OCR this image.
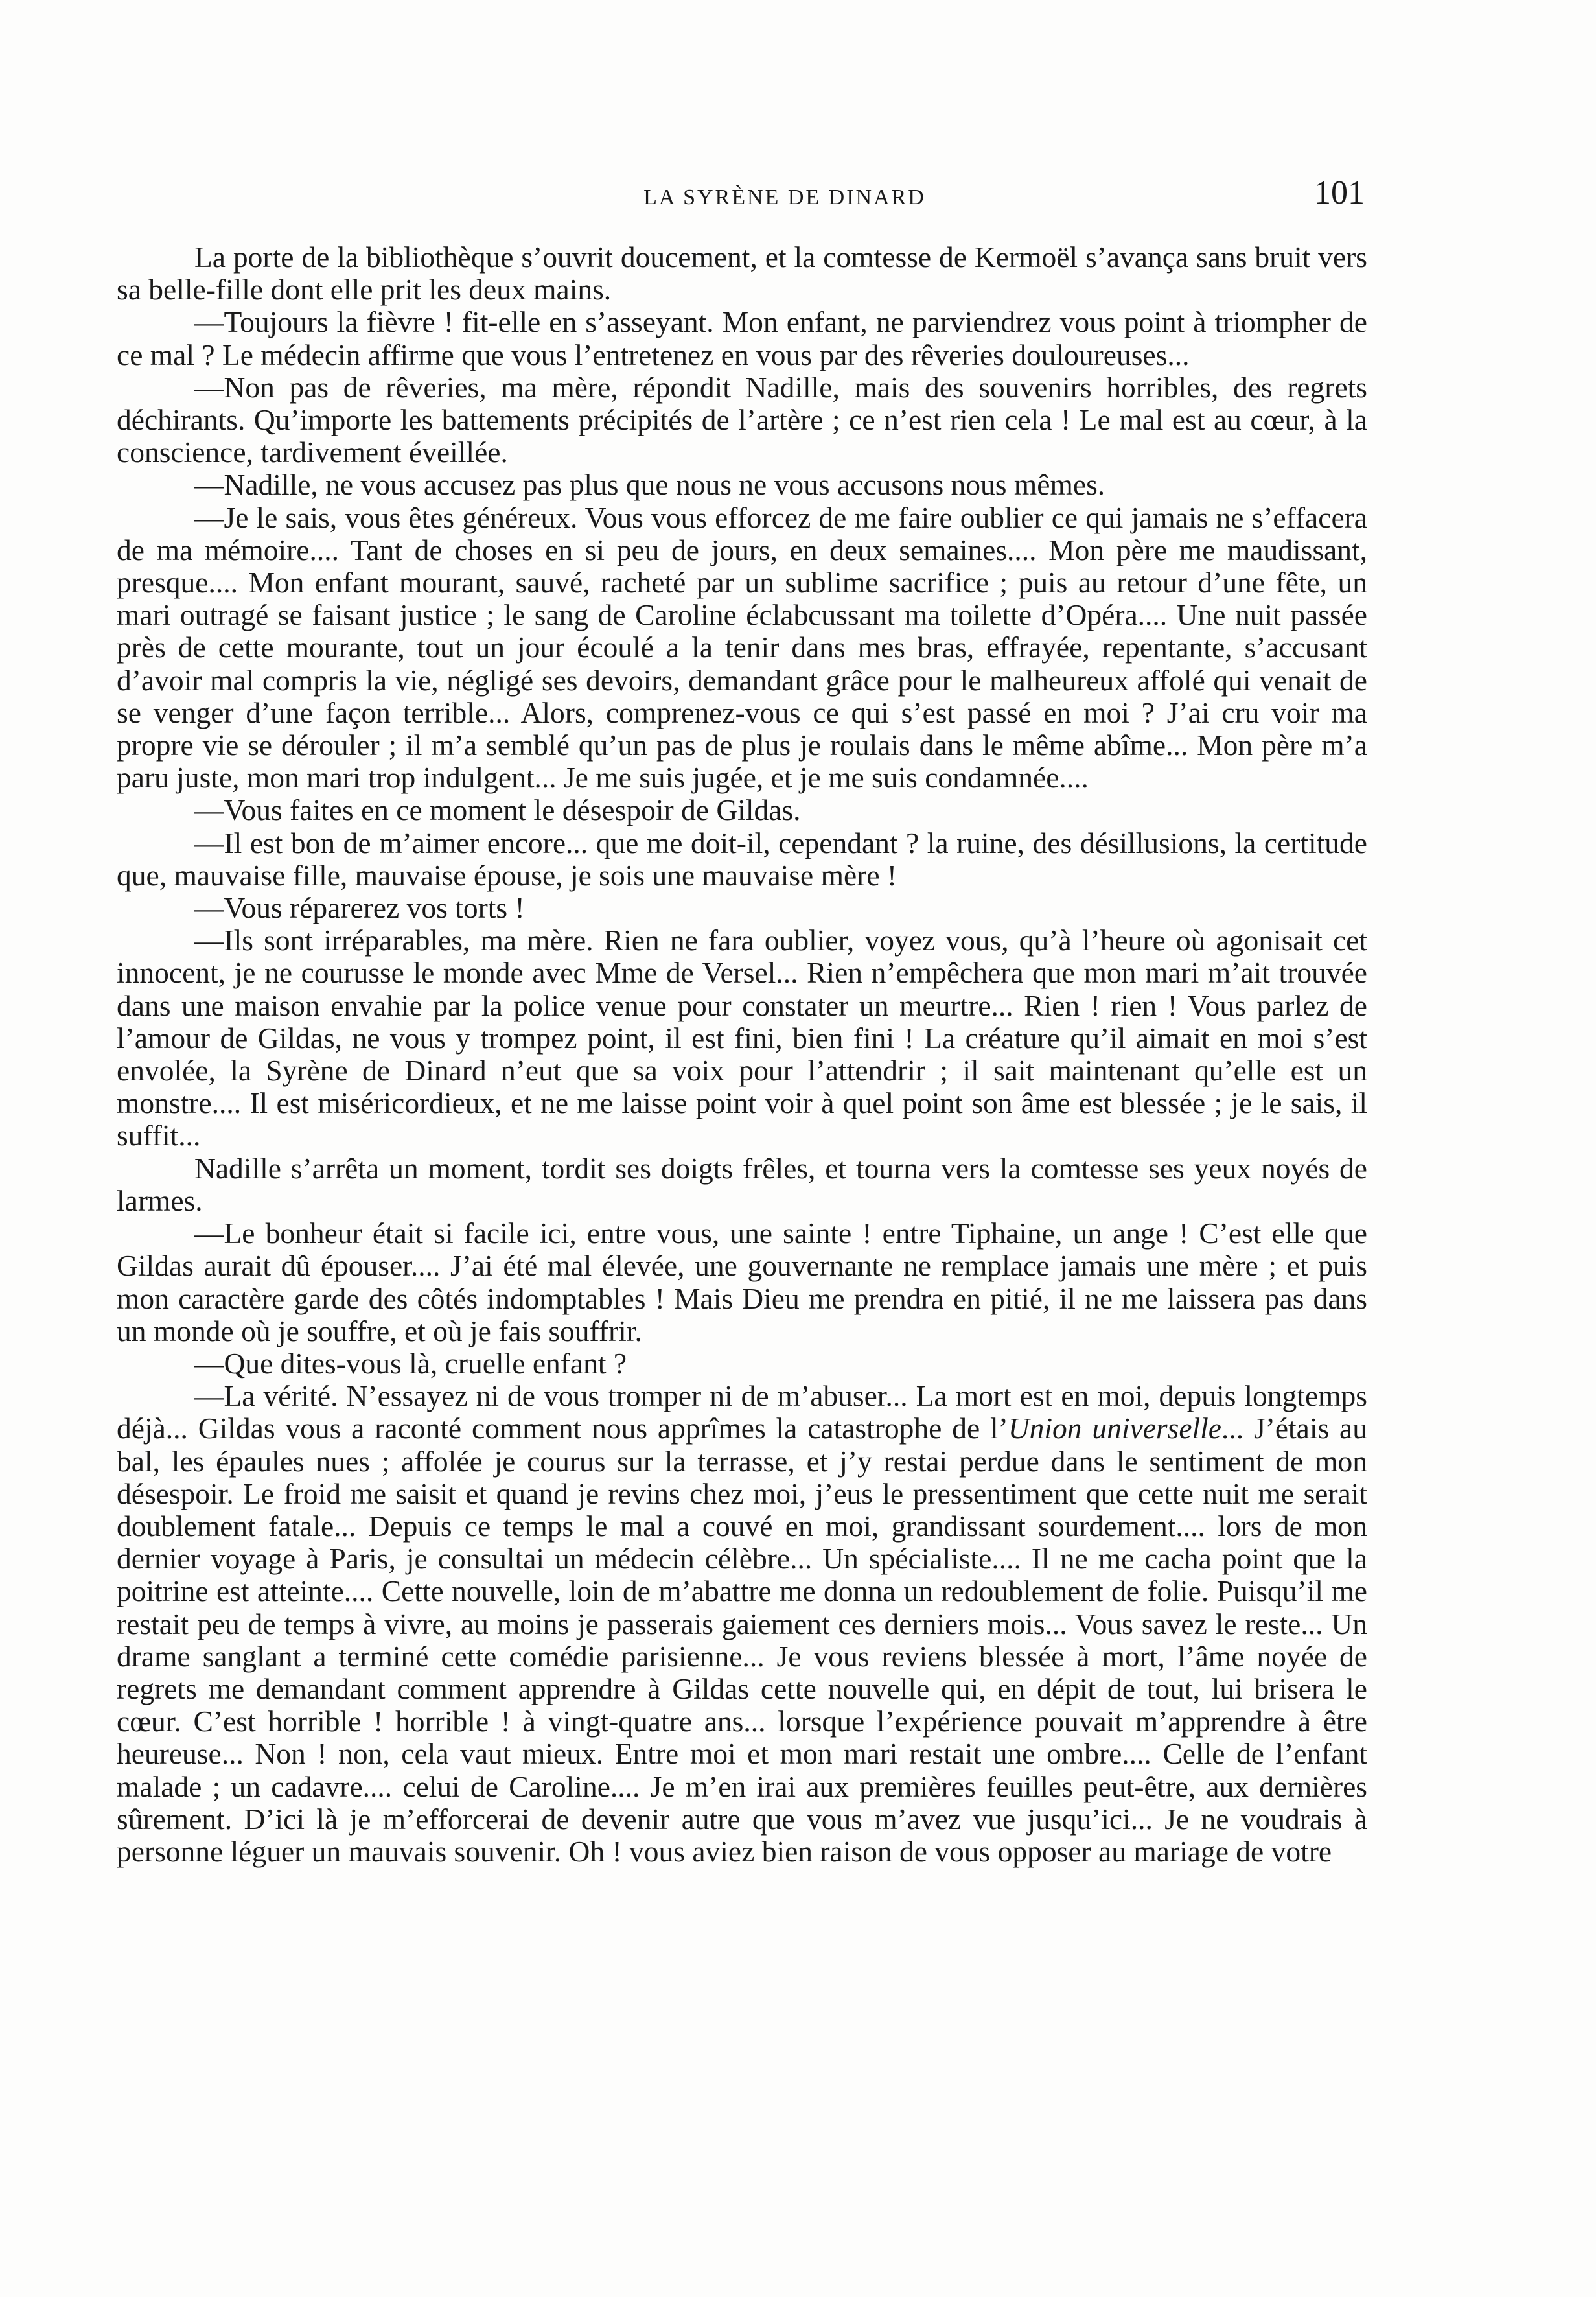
LA SYRÈNE DE DINARD	101

La porte de la bibliothèque s’ouvrit doucement, et la comtesse de Kermoël s’avança sans bruit vers sa belle-fille dont elle prit les deux mains.

—Toujours la fièvre ! fit-elle en s’asseyant. Mon enfant, ne parviendrez vous point à triompher de ce mal ? Le médecin affirme que vous l’entretenez en vous par des rêveries douloureuses...

—Non pas de rêveries, ma mère, répondit Nadille, mais des souvenirs horribles, des regrets déchirants. Qu’importe les battements précipités de l’artère ; ce n’est rien cela ! Le mal est au cœur, à la conscience, tardivement éveillée.

—Nadille, ne vous accusez pas plus que nous ne vous accusons nous mêmes.

—Je le sais, vous êtes généreux. Vous vous efforcez de me faire oublier ce qui jamais ne s’effacera de ma mémoire.... Tant de choses en si peu de jours, en deux semaines.... Mon père me maudissant, presque.... Mon enfant mourant, sauvé, racheté par un sublime sacrifice ; puis au retour d’une fête, un mari outragé se faisant justice ; le sang de Caroline éclabcussant ma toilette d’Opéra.... Une nuit passée près de cette mourante, tout un jour écoulé a la tenir dans mes bras, effrayée, repentante, s’accusant d’avoir mal compris la vie, négligé ses devoirs, demandant grâce pour le malheureux affolé qui venait de se venger d’une façon terrible... Alors, comprenez-vous ce qui s’est passé en moi ? J’ai cru voir ma propre vie se dérouler ; il m’a semblé qu’un pas de plus je roulais dans le même abîme... Mon père m’a paru juste, mon mari trop indulgent... Je me suis jugée, et je me suis condamnée....

—Vous faites en ce moment le désespoir de Gildas.

—Il est bon de m’aimer encore... que me doit-il, cependant ? la ruine, des désillusions, la certitude que, mauvaise fille, mauvaise épouse, je sois une mauvaise mère !

—Vous réparerez vos torts !

—Ils sont irréparables, ma mère. Rien ne fara oublier, voyez vous, qu’à l’heure où agonisait cet innocent, je ne courusse le monde avec Mme de Versel... Rien n’empêchera que mon mari m’ait trouvée dans une maison envahie par la police venue pour constater un meurtre... Rien ! rien ! Vous parlez de l’amour de Gildas, ne vous y trompez point, il est fini, bien fini ! La créature qu’il aimait en moi s’est envolée, la Syrène de Dinard n’eut que sa voix pour l’attendrir ; il sait maintenant qu’elle est un monstre.... Il est miséricordieux, et ne me laisse point voir à quel point son âme est blessée ; je le sais, il suffit...

Nadille s’arrêta un moment, tordit ses doigts frêles, et tourna vers la comtesse ses yeux noyés de larmes.

—Le bonheur était si facile ici, entre vous, une sainte ! entre Tiphaine, un ange ! C’est elle que Gildas aurait dû épouser.... J’ai été mal élevée, une gouvernante ne remplace jamais une mère ; et puis mon caractère garde des côtés indomptables ! Mais Dieu me prendra en pitié, il ne me laissera pas dans un monde où je souffre, et où je fais souffrir.

—Que dites-vous là, cruelle enfant ?

—La vérité. N’essayez ni de vous tromper ni de m’abuser... La mort est en moi, depuis longtemps déjà... Gildas vous a raconté comment nous apprîmes la catastrophe de l’Union universelle... J’étais au bal, les épaules nues ; affolée je courus sur la terrasse, et j’y restai perdue dans le sentiment de mon désespoir. Le froid me saisit et quand je revins chez moi, j’eus le pressentiment que cette nuit me serait doublement fatale... Depuis ce temps le mal a couvé en moi, grandissant sourdement.... lors de mon dernier voyage à Paris, je consultai un médecin célèbre... Un spécialiste.... Il ne me cacha point que la poitrine est atteinte.... Cette nouvelle, loin de m’abattre me donna un redoublement de folie. Puisqu’il me restait peu de temps à vivre, au moins je passerais gaiement ces derniers mois... Vous savez le reste... Un drame sanglant a terminé cette comédie parisienne... Je vous reviens blessée à mort, l’âme noyée de regrets me demandant comment apprendre à Gildas cette nouvelle qui, en dépit de tout, lui brisera le cœur. C’est horrible ! horrible ! à vingt-quatre ans... lorsque l’expérience pouvait m’apprendre à être heureuse... Non ! non, cela vaut mieux. Entre moi et mon mari restait une ombre.... Celle de l’enfant malade ; un cadavre.... celui de Caroline.... Je m’en irai aux premières feuilles peut-être, aux dernières sûrement. D’ici là je m’efforcerai de devenir autre que vous m’avez vue jusqu’ici... Je ne voudrais à personne léguer un mauvais souvenir. Oh ! vous aviez bien raison de vous opposer au mariage de votre
